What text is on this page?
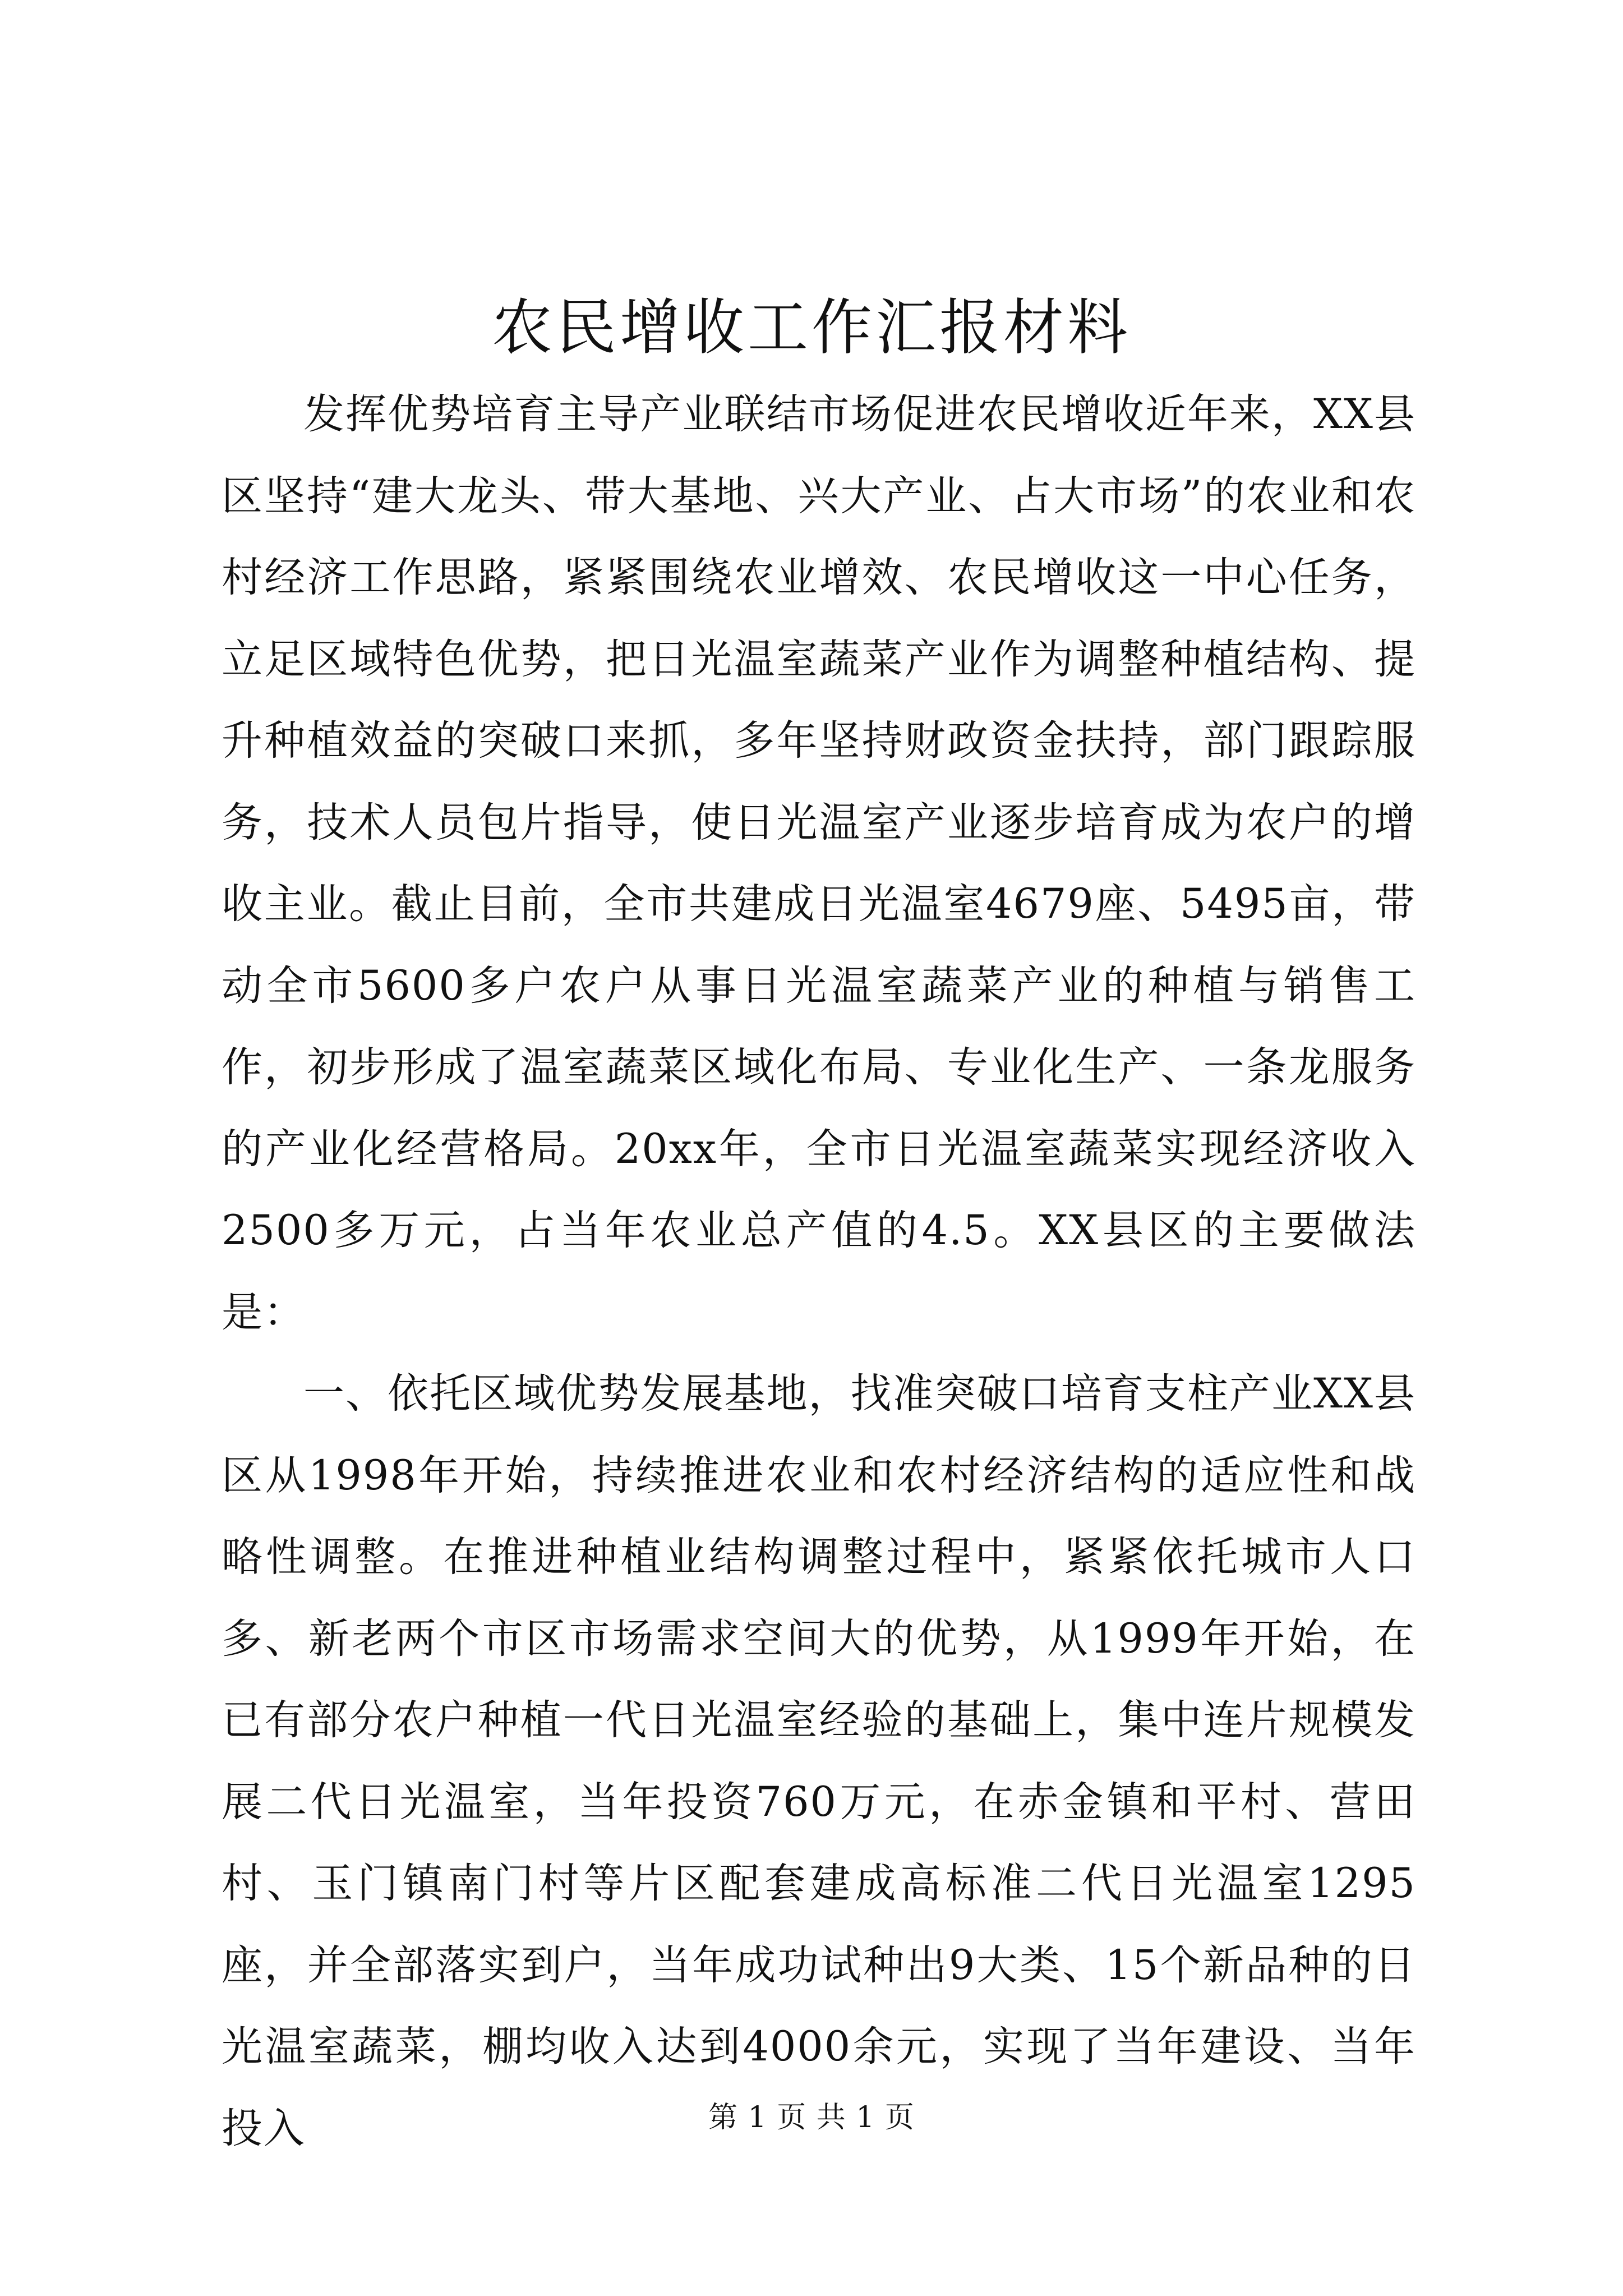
农民增收工作汇报材料

发挥优势培育主导产业联结市场促进农民增收近年来，XX县区坚持“建大龙头、带大基地、兴大产业、占大市场”的农业和农村经济工作思路，紧紧围绕农业增效、农民增收这一中心任务，立足区域特色优势，把日光温室蔬菜产业作为调整种植结构、提升种植效益的突破口来抓，多年坚持财政资金扶持，部门跟踪服务，技术人员包片指导，使日光温室产业逐步培育成为农户的增收主业。截止目前，全市共建成日光温室4679座、5495亩，带动全市5600多户农户从事日光温室蔬菜产业的种植与销售工作，初步形成了温室蔬菜区域化布局、专业化生产、一条龙服务的产业化经营格局。20xx年，全市日光温室蔬菜实现经济收入2500多万元，占当年农业总产值的4.5。XX县区的主要做法是：

一、依托区域优势发展基地，找准突破口培育支柱产业XX县区从1998年开始，持续推进农业和农村经济结构的适应性和战略性调整。在推进种植业结构调整过程中，紧紧依托城市人口多、新老两个市区市场需求空间大的优势，从1999年开始，在已有部分农户种植一代日光温室经验的基础上，集中连片规模发展二代日光温室，当年投资760万元，在赤金镇和平村、营田村、玉门镇南门村等片区配套建成高标准二代日光温室1295座，并全部落实到户，当年成功试种出9大类、15个新品种的日光温室蔬菜，棚均收入达到4000余元，实现了当年建设、当年投入	第 1 页 共 1 页
